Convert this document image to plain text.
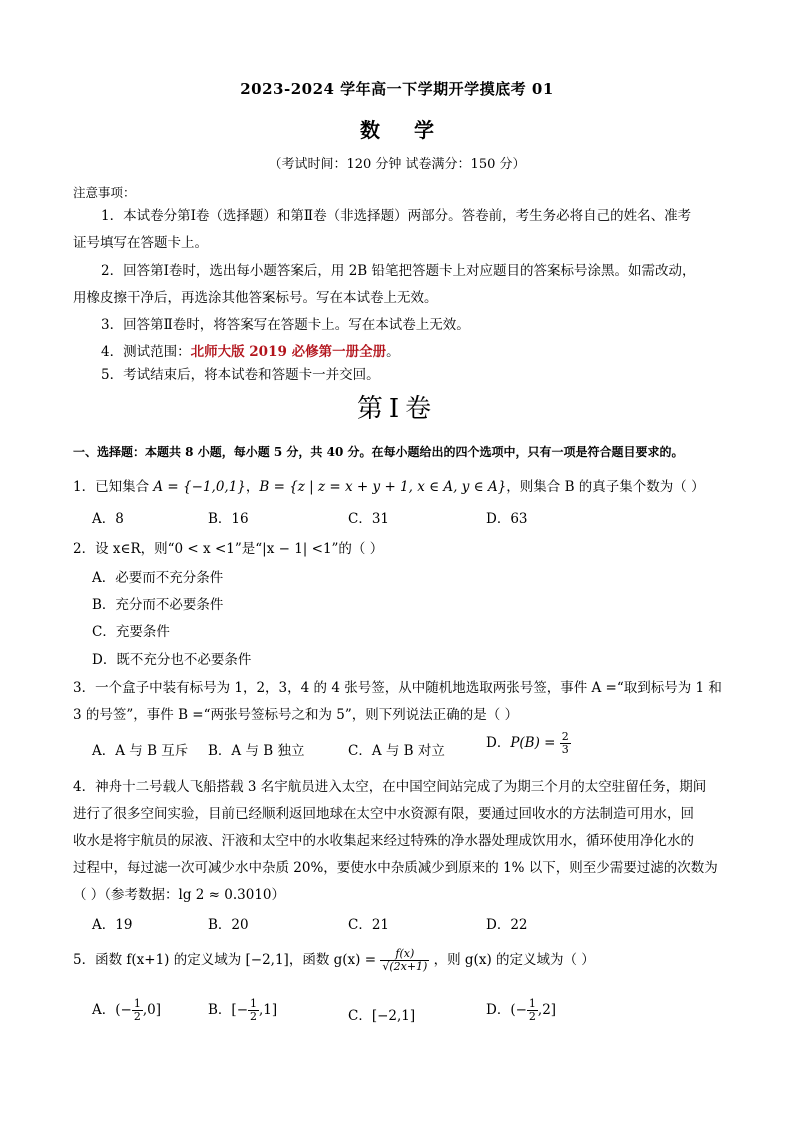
2023-2024 学年高一下学期开学摸底考 01
数学
（考试时间：120 分钟 试卷满分：150 分）
注意事项：
1．本试卷分第Ⅰ卷（选择题）和第Ⅱ卷（非选择题）两部分。答卷前，考生务必将自己的姓名、准考
证号填写在答题卡上。
2．回答第Ⅰ卷时，选出每小题答案后，用 2B 铅笔把答题卡上对应题目的答案标号涂黑。如需改动，
用橡皮擦干净后，再选涂其他答案标号。写在本试卷上无效。
3．回答第Ⅱ卷时，将答案写在答题卡上。写在本试卷上无效。
4．测试范围：北师大版 2019 必修第一册全册。
5．考试结束后，将本试卷和答题卡一并交回。
第Ⅰ卷
一、选择题：本题共 8 小题，每小题 5 分，共 40 分。在每小题给出的四个选项中，只有一项是符合题目要求的。
1．已知集合 A = {−1,0,1}，B = {z | z = x + y + 1, x ∈ A, y ∈ A}，则集合 B 的真子集个数为（ ）
A．8	B．16	C．31	D．63
2．设 x∈R，则“0 < x <1”是“|x − 1| <1”的（ ）
A．必要而不充分条件
B．充分而不必要条件
C．充要条件
D．既不充分也不必要条件
3．一个盒子中装有标号为 1，2，3，4 的 4 张号签，从中随机地选取两张号签，事件 A =“取到标号为 1 和
3 的号签”，事件 B =“两张号签标号之和为 5”，则下列说法正确的是（ ）
A．A 与 B 互斥 B．A 与 B 独立	C．A 与 B 对立	D．$P(B) = \frac{2}{3}$
4．神舟十二号载人飞船搭载 3 名宇航员进入太空，在中国空间站完成了为期三个月的太空驻留任务，期间
进行了很多空间实验，目前已经顺利返回地球在太空中水资源有限，要通过回收水的方法制造可用水，回
收水是将宇航员的尿液、汗液和太空中的水收集起来经过特殊的净水器处理成饮用水，循环使用净化水的
过程中，每过滤一次可减少水中杂质 20%，要使水中杂质减少到原来的 1% 以下，则至少需要过滤的次数为
（ ）（参考数据：lg 2 ≈ 0.3010）
A．19	B．20	C．21	D．22
5．函数 f(x+1) 的定义域为 [−2,1]，函数 $g(x) = \frac{f(x)}{√(2x+1)}$ ，则 g(x) 的定义域为（ ）
A．(− $\frac{1}{2} ,0$]	B．[− $\frac{1}{2} ,1$]	C．[−2,1]	D．(− $\frac{1}{2} ,2$]
